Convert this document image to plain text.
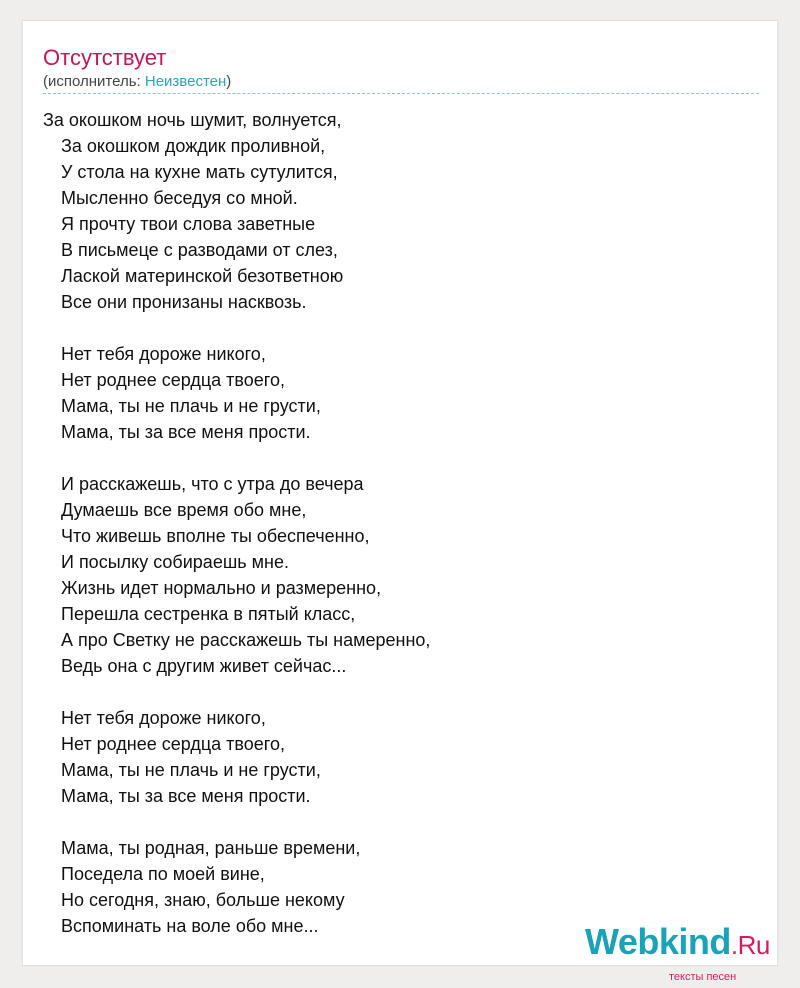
Отсутствует
(исполнитель: Неизвестен)
За окошком ночь шумит, волнуется,
За окошком дождик проливной,
У стола на кухне мать сутулится,
Мысленно беседуя со мной.
Я прочту твои слова заветные
В письмеце с разводами от слез,
Лаской материнской безответною
Все они пронизаны насквозь.
Нет тебя дороже никого,
Нет роднее сердца твоего,
Мама, ты не плачь и не грусти,
Мама, ты за все меня прости.
И расскажешь, что с утра до вечера
Думаешь все время обо мне,
Что живешь вполне ты обеспеченно,
И посылку собираешь мне.
Жизнь идет нормально и размеренно,
Перешла сестренка в пятый класс,
А про Светку не расскажешь ты намеренно,
Ведь она с другим живет сейчас...
Нет тебя дороже никого,
Нет роднее сердца твоего,
Мама, ты не плачь и не грусти,
Мама, ты за все меня прости.
Мама, ты родная, раньше времени,
Поседела по моей вине,
Но сегодня, знаю, больше некому
Вспоминать на воле обо мне...	Webkind.Ru
тексты песен
